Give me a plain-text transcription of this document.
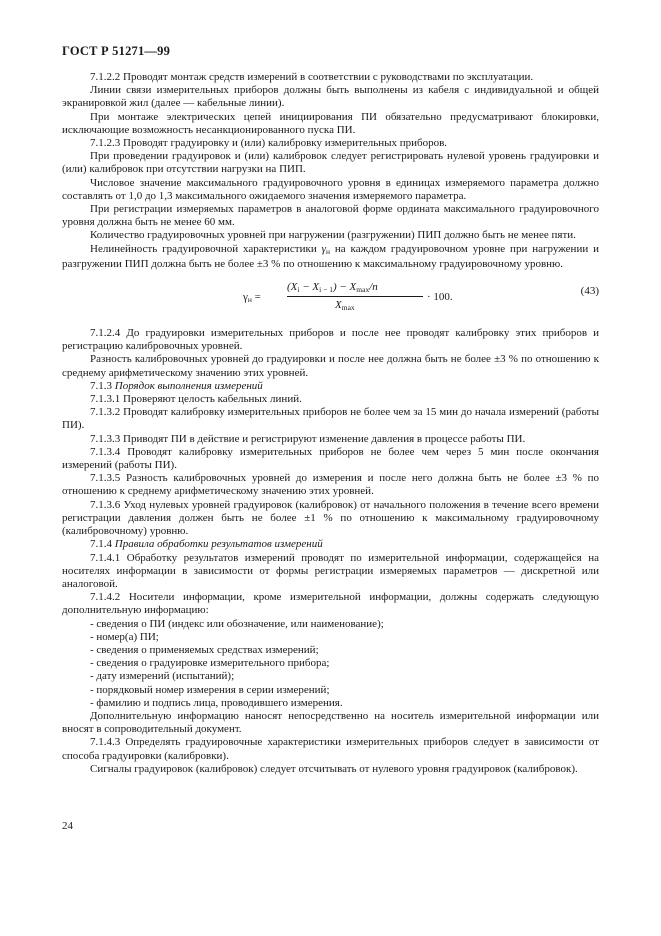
ГОСТ Р 51271—99

7.1.2.2 Проводят монтаж средств измерений в соответствии с руководствами по эксплуатации.

Линии связи измерительных приборов должны быть выполнены из кабеля с индивидуальной и общей экранировкой жил (далее — кабельные линии).

При монтаже электрических цепей инициирования ПИ обязательно предусматривают блокировки, исключающие возможность несанкционированного пуска ПИ.

7.1.2.3 Проводят градуировку и (или) калибровку измерительных приборов.

При проведении градуировок и (или) калибровок следует регистрировать нулевой уровень градуировки и (или) калибровок при отсутствии нагрузки на ПИП.

Числовое значение максимального градуировочного уровня в единицах измеряемого параметра должно составлять от 1,0 до 1,3 максимального ожидаемого значения измеряемого параметра.

При регистрации измеряемых параметров в аналоговой форме ордината максимального градуировочного уровня должна быть не менее 60 мм.

Количество градуировочных уровней при нагружении (разгружении) ПИП должно быть не менее пяти.

Нелинейность градуировочной характеристики $\gamma_н$ на каждом градуировочном уровне при нагружении и разгружении ПИП должна быть не более ±3 % по отношению к максимальному градуировочному уровню.

$\gamma_н$ =
$(X_i - X_{i - 1}) - X_{max}/n$
$X_{max}$
· 100.	(43)

7.1.2.4 До градуировки измерительных приборов и после нее проводят калибровку этих приборов и регистрацию калибровочных уровней.

Разность калибровочных уровней до градуировки и после нее должна быть не более ±3 % по отношению к среднему арифметическому значению этих уровней.

7.1.3 Порядок выполнения измерений

7.1.3.1 Проверяют целость кабельных линий.

7.1.3.2 Проводят калибровку измерительных приборов не более чем за 15 мин до начала измерений (работы ПИ).

7.1.3.3 Приводят ПИ в действие и регистрируют изменение давления в процессе работы ПИ.

7.1.3.4 Проводят калибровку измерительных приборов не более чем через 5 мин после окончания измерений (работы ПИ).

7.1.3.5 Разность калибровочных уровней до измерения и после него должна быть не более ±3 % по отношению к среднему арифметическому значению этих уровней.

7.1.3.6 Уход нулевых уровней градуировок (калибровок) от начального положения в течение всего времени регистрации давления должен быть не более ±1 % по отношению к максимальному градуировочному (калибровочному) уровню.

7.1.4 Правила обработки результатов измерений

7.1.4.1 Обработку результатов измерений проводят по измерительной информации, содержащейся на носителях информации в зависимости от формы регистрации измеряемых параметров — дискретной или аналоговой.

7.1.4.2 Носители информации, кроме измерительной информации, должны содержать следующую дополнительную информацию:

- сведения о ПИ (индекс или обозначение, или наименование);

- номер(а) ПИ;

- сведения о применяемых средствах измерений;

- сведения о градуировке измерительного прибора;

- дату измерений (испытаний);

- порядковый номер измерения в серии измерений;

- фамилию и подпись лица, проводившего измерения.

Дополнительную информацию наносят непосредственно на носитель измерительной информации или вносят в сопроводительный документ.

7.1.4.3 Определять градуировочные характеристики измерительных приборов следует в зависимости от способа градуировки (калибровки).

Сигналы градуировок (калибровок) следует отсчитывать от нулевого уровня градуировок (калибровок).

24
